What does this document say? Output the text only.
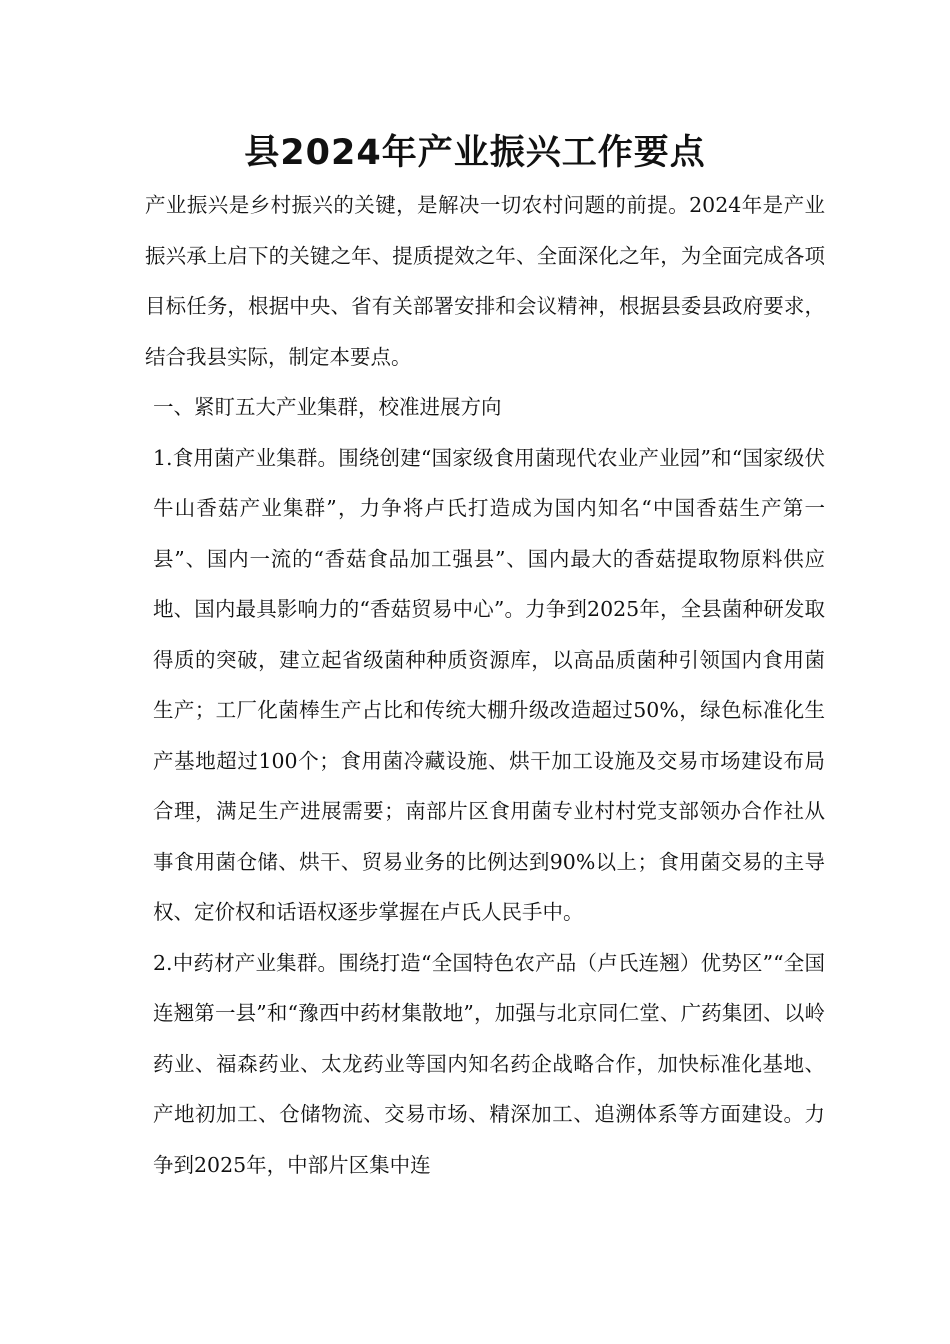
县2024年产业振兴工作要点

产业振兴是乡村振兴的关键，是解决一切农村问题的前提。2024年是产业振兴承上启下的关键之年、提质提效之年、全面深化之年，为全面完成各项目标任务，根据中央、省有关部署安排和会议精神，根据县委县政府要求，结合我县实际，制定本要点。

一、紧盯五大产业集群，校准进展方向

1.食用菌产业集群。围绕创建“国家级食用菌现代农业产业园”和“国家级伏牛山香菇产业集群”，力争将卢氏打造成为国内知名“中国香菇生产第一县”、国内一流的“香菇食品加工强县”、国内最大的香菇提取物原料供应地、国内最具影响力的“香菇贸易中心”。力争到2025年，全县菌种研发取得质的突破，建立起省级菌种种质资源库，以高品质菌种引领国内食用菌生产；工厂化菌棒生产占比和传统大棚升级改造超过50%，绿色标准化生产基地超过100个；食用菌冷藏设施、烘干加工设施及交易市场建设布局合理，满足生产进展需要；南部片区食用菌专业村村党支部领办合作社从事食用菌仓储、烘干、贸易业务的比例达到90%以上；食用菌交易的主导权、定价权和话语权逐步掌握在卢氏人民手中。

2.中药材产业集群。围绕打造“全国特色农产品（卢氏连翘）优势区”“全国连翘第一县”和“豫西中药材集散地”，加强与北京同仁堂、广药集团、以岭药业、福森药业、太龙药业等国内知名药企战略合作，加快标准化基地、产地初加工、仓储物流、交易市场、精深加工、追溯体系等方面建设。力争到2025年，中部片区集中连
